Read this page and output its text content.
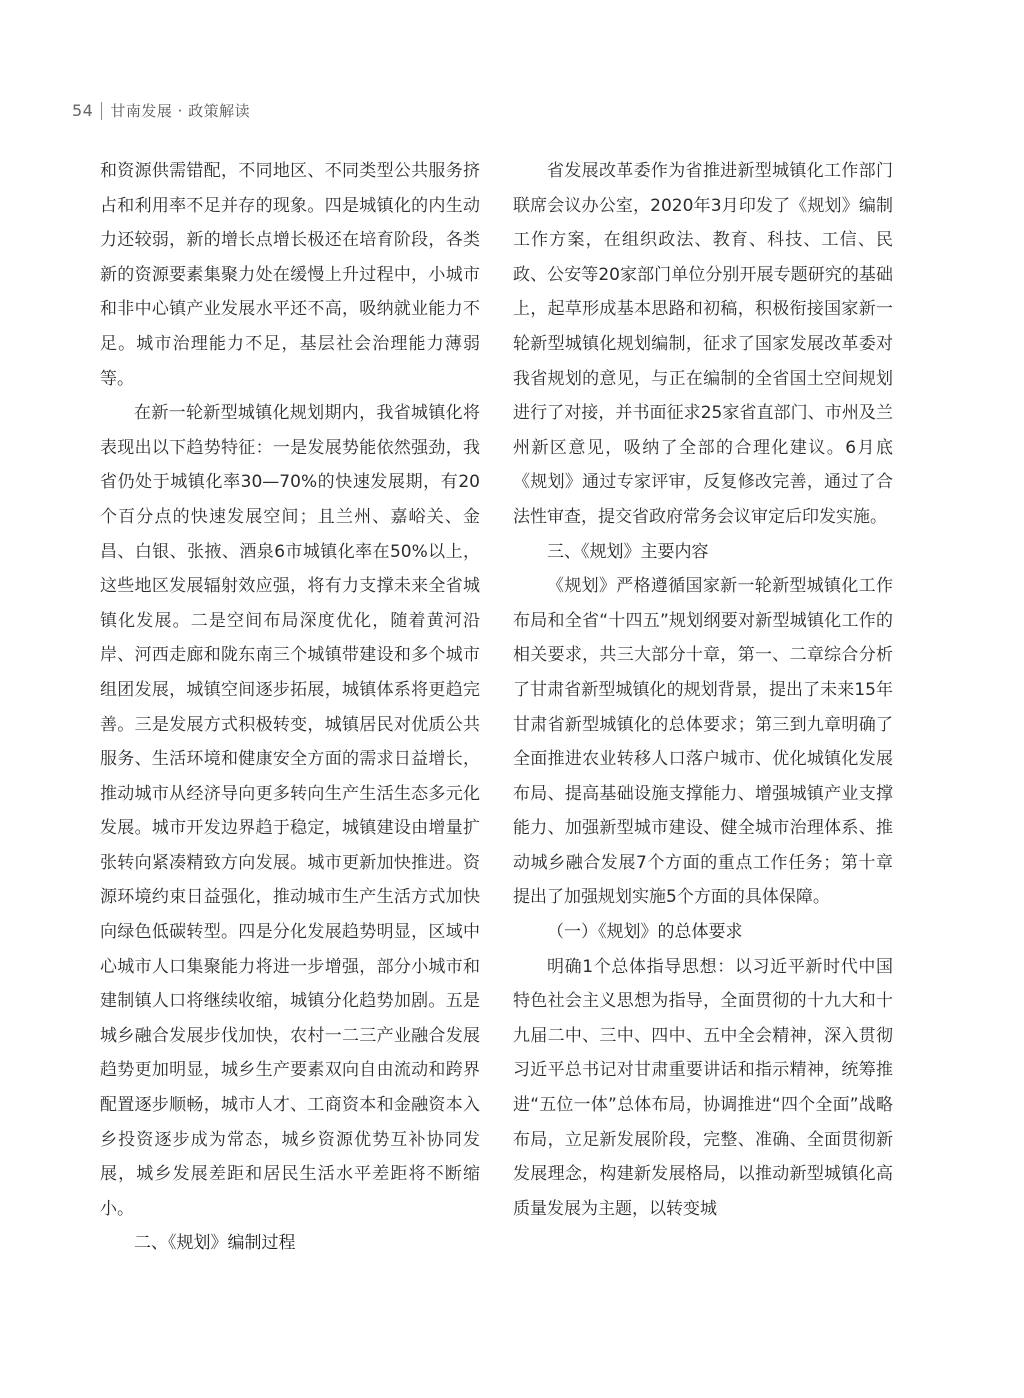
54 甘南发展 · 政策解读

和资源供需错配，不同地区、不同类型公共服务挤占和利用率不足并存的现象。四是城镇化的内生动力还较弱，新的增长点增长极还在培育阶段，各类新的资源要素集聚力处在缓慢上升过程中，小城市和非中心镇产业发展水平还不高，吸纳就业能力不足。城市治理能力不足，基层社会治理能力薄弱等。

在新一轮新型城镇化规划期内，我省城镇化将表现出以下趋势特征：一是发展势能依然强劲，我省仍处于城镇化率30—70%的快速发展期，有20个百分点的快速发展空间；且兰州、嘉峪关、金昌、白银、张掖、酒泉6市城镇化率在50%以上，这些地区发展辐射效应强，将有力支撑未来全省城镇化发展。二是空间布局深度优化，随着黄河沿岸、河西走廊和陇东南三个城镇带建设和多个城市组团发展，城镇空间逐步拓展，城镇体系将更趋完善。三是发展方式积极转变，城镇居民对优质公共服务、生活环境和健康安全方面的需求日益增长，推动城市从经济导向更多转向生产生活生态多元化发展。城市开发边界趋于稳定，城镇建设由增量扩张转向紧凑精致方向发展。城市更新加快推进。资源环境约束日益强化，推动城市生产生活方式加快向绿色低碳转型。四是分化发展趋势明显，区域中心城市人口集聚能力将进一步增强，部分小城市和建制镇人口将继续收缩，城镇分化趋势加剧。五是城乡融合发展步伐加快，农村一二三产业融合发展趋势更加明显，城乡生产要素双向自由流动和跨界配置逐步顺畅，城市人才、工商资本和金融资本入乡投资逐步成为常态，城乡资源优势互补协同发展，城乡发展差距和居民生活水平差距将不断缩小。

二、《规划》编制过程

省发展改革委作为省推进新型城镇化工作部门联席会议办公室，2020年3月印发了《规划》编制工作方案，在组织政法、教育、科技、工信、民政、公安等20家部门单位分别开展专题研究的基础上，起草形成基本思路和初稿，积极衔接国家新一轮新型城镇化规划编制，征求了国家发展改革委对我省规划的意见，与正在编制的全省国土空间规划进行了对接，并书面征求25家省直部门、市州及兰州新区意见，吸纳了全部的合理化建议。6月底《规划》通过专家评审，反复修改完善，通过了合法性审查，提交省政府常务会议审定后印发实施。

三、《规划》主要内容

《规划》严格遵循国家新一轮新型城镇化工作布局和全省“十四五”规划纲要对新型城镇化工作的相关要求，共三大部分十章，第一、二章综合分析了甘肃省新型城镇化的规划背景，提出了未来15年甘肃省新型城镇化的总体要求；第三到九章明确了全面推进农业转移人口落户城市、优化城镇化发展布局、提高基础设施支撑能力、增强城镇产业支撑能力、加强新型城市建设、健全城市治理体系、推动城乡融合发展7个方面的重点工作任务；第十章提出了加强规划实施5个方面的具体保障。

（一）《规划》的总体要求

明确1个总体指导思想：以习近平新时代中国特色社会主义思想为指导，全面贯彻的十九大和十九届二中、三中、四中、五中全会精神，深入贯彻习近平总书记对甘肃重要讲话和指示精神，统筹推进“五位一体”总体布局，协调推进“四个全面”战略布局，立足新发展阶段，完整、准确、全面贯彻新发展理念，构建新发展格局，以推动新型城镇化高质量发展为主题，以转变城
